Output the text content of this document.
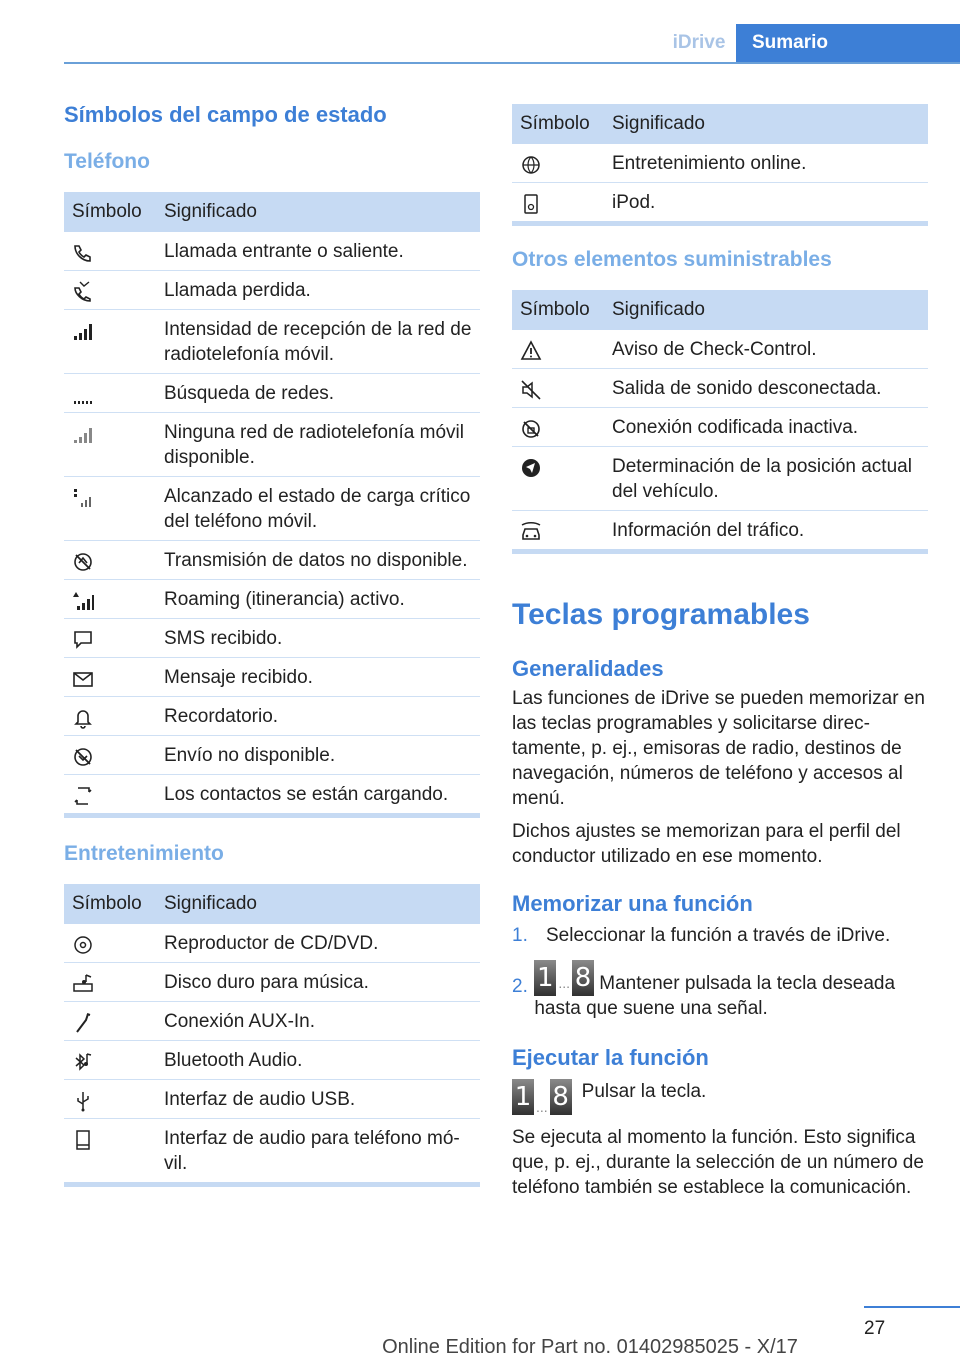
iDrive	Sumario
Símbolos del campo de estado
Teléfono
Símbolo	Significado

	Llamada entrante o saliente.

	Llamada perdida.

	Intensidad de recepción de la red de radiotelefonía móvil.

	Búsqueda de redes.

	Ninguna red de radiotelefonía móvil disponible.

	Alcanzado el estado de carga crítico del teléfono móvil.

	Transmisión de datos no disponible.

	Roaming (itinerancia) activo.

	SMS recibido.

	Mensaje recibido.

	Recordatorio.

	Envío no disponible.

	Los contactos se están cargando.
Entretenimiento
Símbolo	Significado

	Reproductor de CD/DVD.

	Disco duro para música.

	Conexión AUX-In.

	Bluetooth Audio.

	Interfaz de audio USB.

	Interfaz de audio para teléfono móvil.
Símbolo	Significado

	Entretenimiento online.

	iPod.
Otros elementos suministrables
Símbolo	Significado

	Aviso de Check-Control.

	Salida de sonido desconectada.

	Conexión codificada inactiva.

	Determinación de la posición actual del vehículo.

	Información del tráfico.
Teclas programables
Generalidades

Las funciones de iDrive se pueden memorizar en las teclas programables y solicitarse directamente, p. ej., emisoras de radio, destinos de navegación, números de teléfono y accesos al menú.

Dichos ajustes se memorizan para el perfil del conductor utilizado en ese momento.

Memorizar una función
1. Seleccionar la función a través de iDrive.
2. 1 ... 8 Mantener pulsada la tecla deseada hasta que suene una señal.
Ejecutar la función
1 ... 8 Pulsar la tecla.

Se ejecuta al momento la función. Esto significa que, p. ej., durante la selección de un número de teléfono también se establece la comunicación.

27
Online Edition for Part no. 01402985025 - X/17
